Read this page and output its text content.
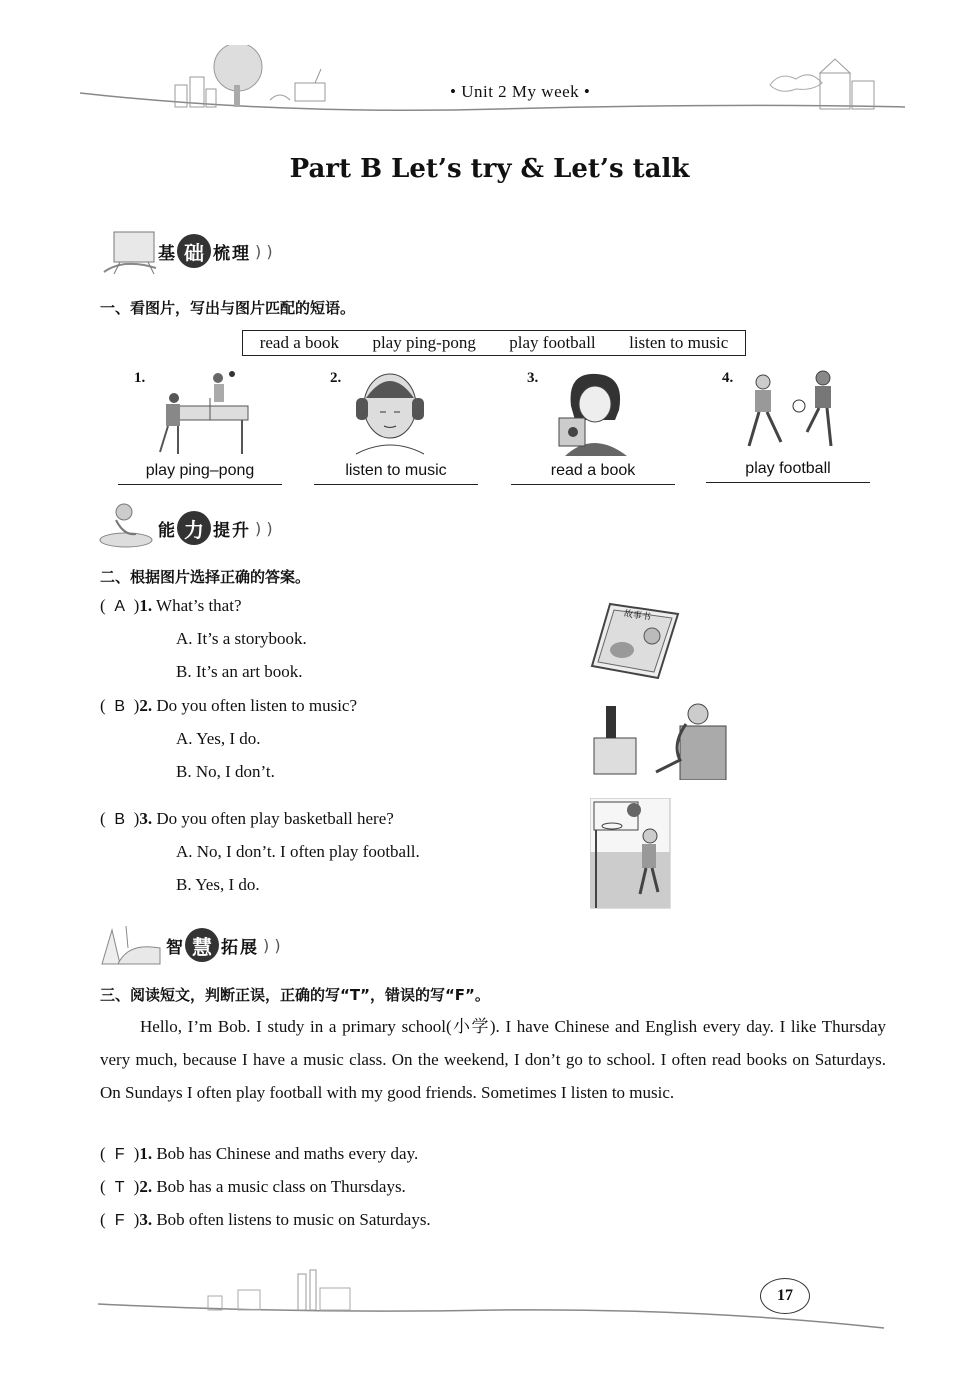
• Unit 2 My week •
Part B Let’s try & Let’s talk
基 础 梳 理 ) )
一、看图片，写出与图片匹配的短语。
read a book play ping-pong play football listen to music
1.
play ping–pong
2.
listen to music
3.
read a book
4.
play football
能 力 提 升 ) )
二、根据图片选择正确的答案。
( A )1. What’s that?
A. It’s a storybook.
B. It’s an art book.
故事书
( B )2. Do you often listen to music?
A. Yes, I do.
B. No, I don’t.
( B )3. Do you often play basketball here?
A. No, I don’t. I often play football.
B. Yes, I do.
智 慧 拓 展 ) )
三、阅读短文，判断正误，正确的写“T”，错误的写“F”。

Hello, I’m Bob. I study in a primary school(小学). I have Chinese and English every day. I like Thursday very much, because I have a music class. On the weekend, I don’t go to school. I often read books on Saturdays. On Sundays I often play football with my good friends. Sometimes I listen to music.

( F )1. Bob has Chinese and maths every day.
( T )2. Bob has a music class on Thursdays.
( F )3. Bob often listens to music on Saturdays.
17
